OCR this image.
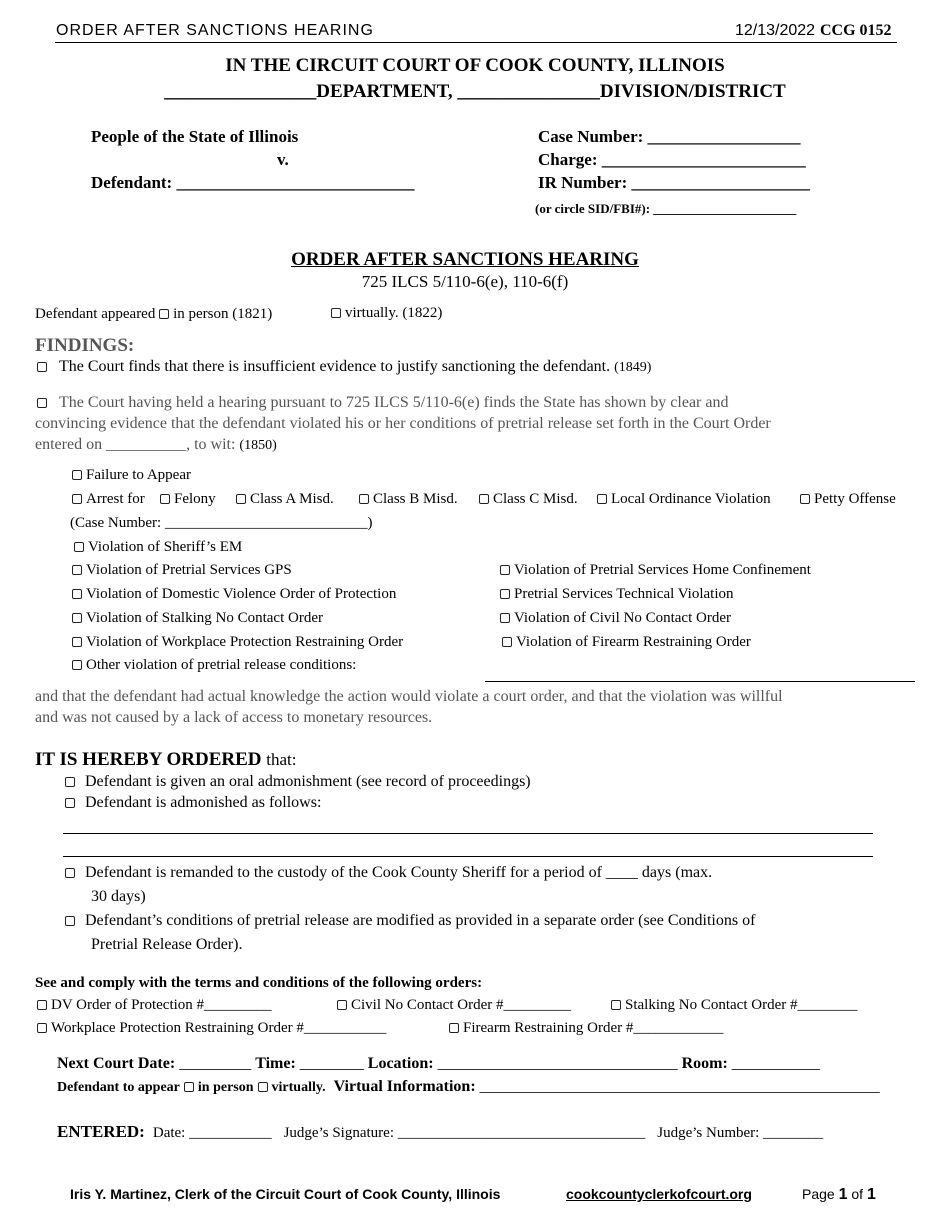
ORDER AFTER SANCTIONS HEARING	12/13/2022 CCG 0152
IN THE CIRCUIT COURT OF COOK COUNTY, ILLINOIS
________________DEPARTMENT, _______________DIVISION/DISTRICT
People of the State of Illinois
v.
Defendant: ____________________________
Case Number: __________________
Charge: ________________________
IR Number: _____________________
(or circle SID/FBI#): ______________________
ORDER AFTER SANCTIONS HEARING
725 ILCS 5/110-6(e), 110-6(f)
Defendant appeared in person (1821)	virtually. (1822)
FINDINGS:
The Court finds that there is insufficient evidence to justify sanctioning the defendant. (1849)
The Court having held a hearing pursuant to 725 ILCS 5/110-6(e) finds the State has shown by clear and
convincing evidence that the defendant violated his or her conditions of pretrial release set forth in the Court Order
entered on __________, to wit: (1850)
Failure to Appear
Arrest for	Felony	Class A Misd.	Class B Misd.	Class C Misd.	Local Ordinance Violation	Petty Offense
(Case Number: ___________________________)
Violation of Sheriff’s EM
Violation of Pretrial Services GPS
Violation of Domestic Violence Order of Protection
Violation of Stalking No Contact Order
Violation of Workplace Protection Restraining Order
Violation of Pretrial Services Home Confinement
Pretrial Services Technical Violation
Violation of Civil No Contact Order
Violation of Firearm Restraining Order
Other violation of pretrial release conditions:
and that the defendant had actual knowledge the action would violate a court order, and that the violation was willful
and was not caused by a lack of access to monetary resources.
IT IS HEREBY ORDERED that:
Defendant is given an oral admonishment (see record of proceedings)
Defendant is admonished as follows:
Defendant is remanded to the custody of the Cook County Sheriff for a period of ____ days (max.
30 days)
Defendant’s conditions of pretrial release are modified as provided in a separate order (see Conditions of
Pretrial Release Order).
See and comply with the terms and conditions of the following orders:
DV Order of Protection #_________	Civil No Contact Order #_________	Stalking No Contact Order #________
Workplace Protection Restraining Order #___________	Firearm Restraining Order #____________
Next Court Date: _________ Time: ________ Location: ______________________________ Room: ___________
Defendant to appear in person virtually. Virtual Information: __________________________________________________
ENTERED: Date: ___________ Judge’s Signature: _________________________________ Judge’s Number: ________
Iris Y. Martinez, Clerk of the Circuit Court of Cook County, Illinois	cookcountyclerkofcourt.org	Page 1 of 1
